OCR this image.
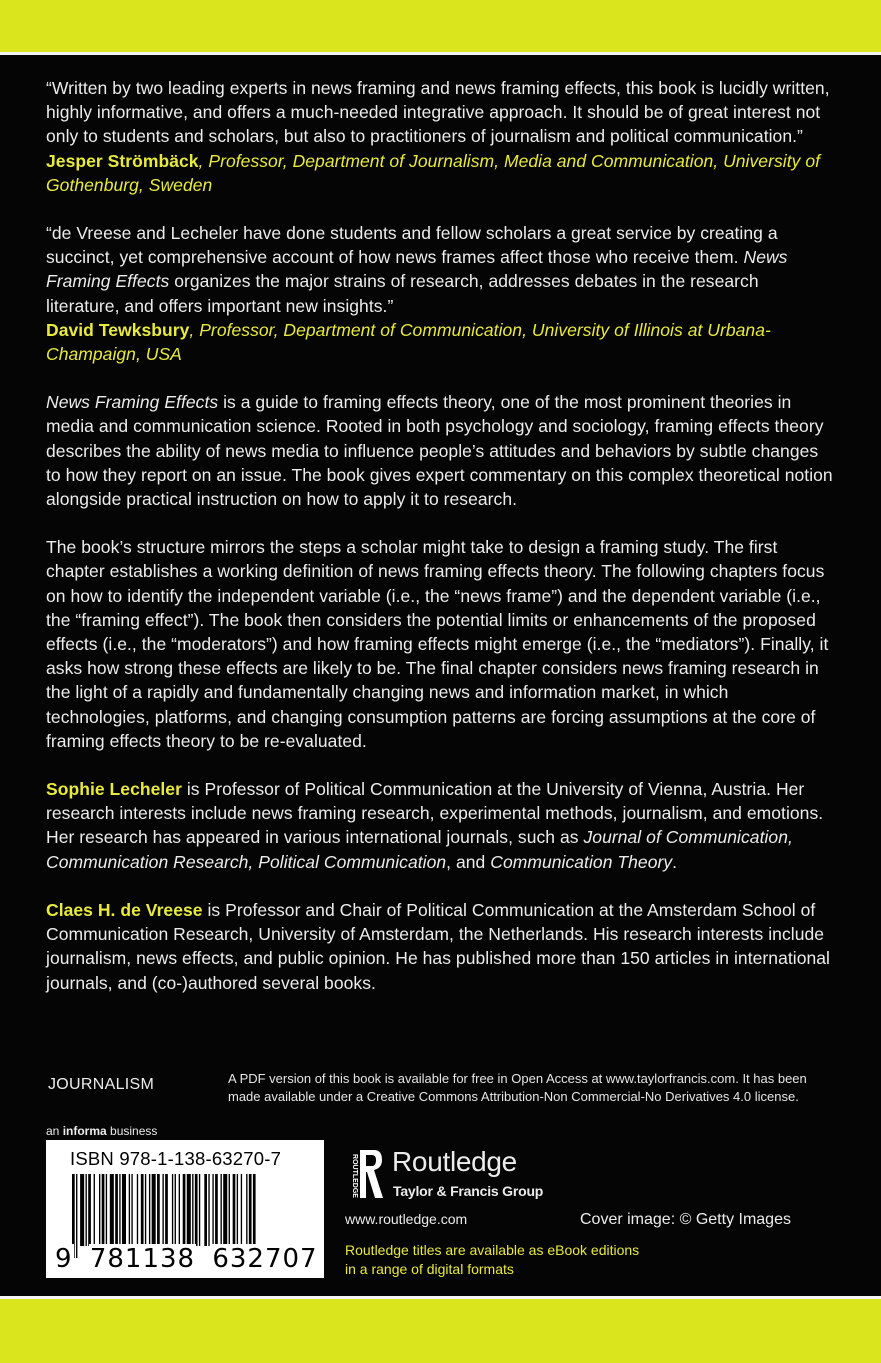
“Written by two leading experts in news framing and news framing effects, this book is lucidly written, highly informative, and offers a much-needed integrative approach. It should be of great interest not only to students and scholars, but also to practitioners of journalism and political communication.”
Jesper Strömbäck, Professor, Department of Journalism, Media and Communication, University of Gothenburg, Sweden

“de Vreese and Lecheler have done students and fellow scholars a great service by creating a succinct, yet comprehensive account of how news frames affect those who receive them. News Framing Effects organizes the major strains of research, addresses debates in the research literature, and offers important new insights.”
David Tewksbury, Professor, Department of Communication, University of Illinois at Urbana-Champaign, USA

News Framing Effects is a guide to framing effects theory, one of the most prominent theories in media and communication science. Rooted in both psychology and sociology, framing effects theory describes the ability of news media to influence people’s attitudes and behaviors by subtle changes to how they report on an issue. The book gives expert commentary on this complex theoretical notion alongside practical instruction on how to apply it to research.

The book’s structure mirrors the steps a scholar might take to design a framing study. The first chapter establishes a working definition of news framing effects theory. The following chapters focus on how to identify the independent variable (i.e., the “news frame”) and the dependent variable (i.e., the “framing effect”). The book then considers the potential limits or enhancements of the proposed effects (i.e., the “moderators”) and how framing effects might emerge (i.e., the “mediators”). Finally, it asks how strong these effects are likely to be. The final chapter considers news framing research in the light of a rapidly and fundamentally changing news and information market, in which technologies, platforms, and changing consumption patterns are forcing assumptions at the core of framing effects theory to be re-evaluated.

Sophie Lecheler is Professor of Political Communication at the University of Vienna, Austria. Her research interests include news framing research, experimental methods, journalism, and emotions. Her research has appeared in various international journals, such as Journal of Communication, Communication Research, Political Communication, and Communication Theory.

Claes H. de Vreese is Professor and Chair of Political Communication at the Amsterdam School of Communication Research, University of Amsterdam, the Netherlands. His research interests include journalism, news effects, and public opinion. He has published more than 150 articles in international journals, and (co-)authored several books.

JOURNALISM
an informa business
A PDF version of this book is available for free in Open Access at www.taylorfrancis.com. It has been made available under a Creative Commons Attribution-Non Commercial-No Derivatives 4.0 license.
ISBN 978-1-138-63270-7
9 781138 632707
ROUTLEDGE Routledge
Taylor & Francis Group
www.routledge.com	Cover image: © Getty Images
Routledge titles are available as eBook editions
in a range of digital formats
